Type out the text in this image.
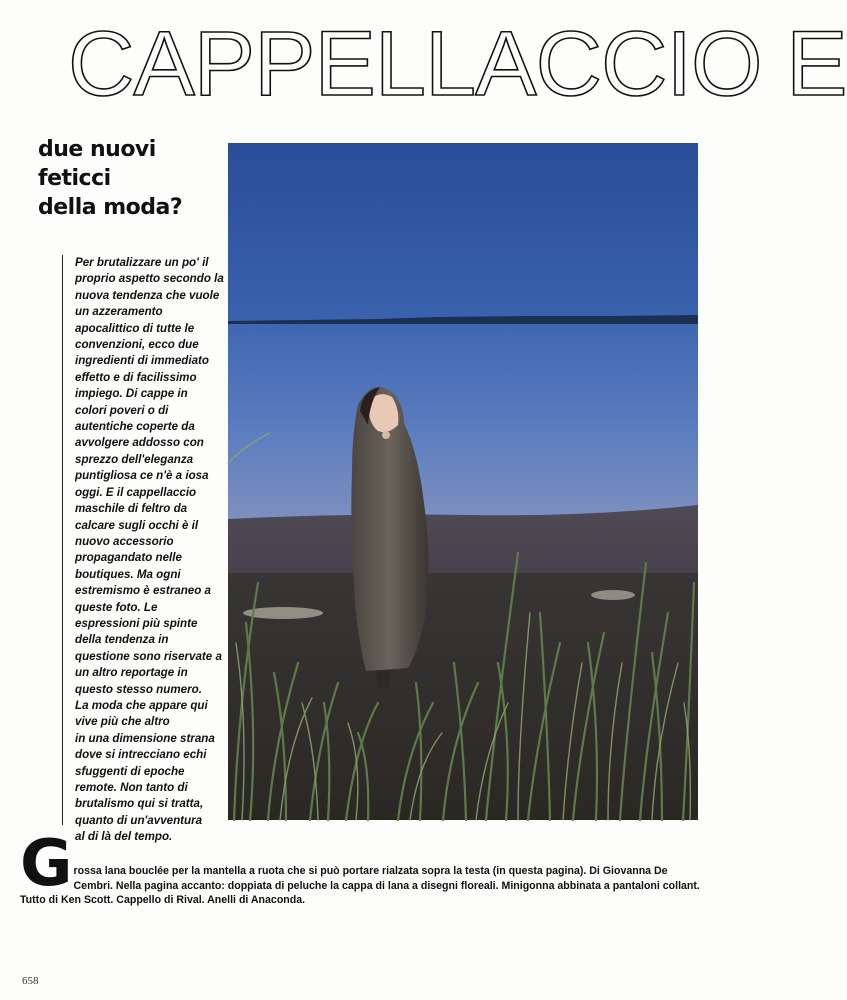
CAPPELLACCIO E
due nuovi
feticci
della moda?
Per brutalizzare un po' il
proprio aspetto secondo la
nuova tendenza che vuole
un azzeramento
apocalittico di tutte le
convenzioni, ecco due
ingredienti di immediato
effetto e di facilissimo
impiego. Di cappe in
colori poveri o di
autentiche coperte da
avvolgere addosso con
sprezzo dell'eleganza
puntigliosa ce n'è a iosa
oggi. E il cappellaccio
maschile di feltro da
calcare sugli occhi è il
nuovo accessorio
propagandato nelle
boutiques. Ma ogni
estremismo è estraneo a
queste foto. Le
espressioni più spinte
della tendenza in
questione sono riservate a
un altro reportage in
questo stesso numero.
La moda che appare qui
vive più che altro
in una dimensione strana
dove si intrecciano echi
sfuggenti di epoche
remote. Non tanto di
brutalismo qui si tratta,
quanto di un'avventura
al di là del tempo.
G rossa lana bouclée per la mantella a ruota che si può portare rialzata sopra la testa (in questa pagina). Di Giovanna De Cembri. Nella pagina accanto: doppiata di peluche la cappa di lana a disegni floreali. Minigonna abbinata a pantaloni collant. Tutto di Ken Scott. Cappello di Rival. Anelli di Anaconda.
658
